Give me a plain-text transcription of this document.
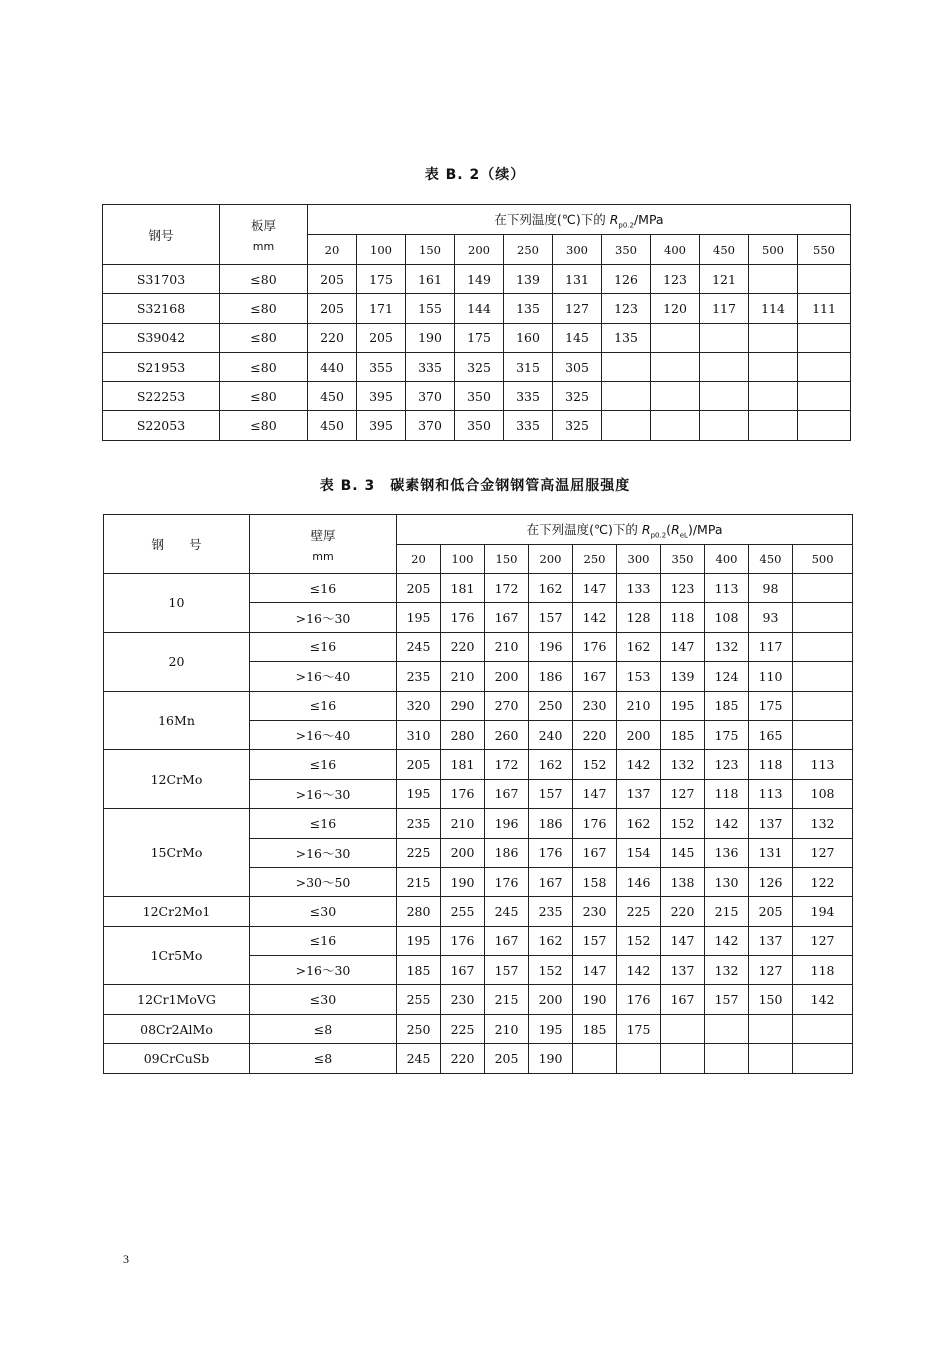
表 B. 2（续）
钢号	板厚
mm	在下列温度(℃)下的 $R_{p0.2}$/MPa										
		20	100	150	200	250	300	350	400	450	500	550
S31703	≤80	205	175	161	149	139	131	126	123	121		
S32168	≤80	205	171	155	144	135	127	123	120	117	114	111
S39042	≤80	220	205	190	175	160	145	135				
S21953	≤80	440	355	335	325	315	305					
S22253	≤80	450	395	370	350	335	325					
S22053	≤80	450	395	370	350	335	325					
表 B. 3　碳素钢和低合金钢钢管高温屈服强度
钢　　号	壁厚
mm	在下列温度(℃)下的 $R_{p0.2}(R_{eL})$/MPa									
		20	100	150	200	250	300	350	400	450	500
10	≤16	205	181	172	162	147	133	123	113	98	
	>16～30	195	176	167	157	142	128	118	108	93	
20	≤16	245	220	210	196	176	162	147	132	117	
	>16～40	235	210	200	186	167	153	139	124	110	
16Mn	≤16	320	290	270	250	230	210	195	185	175	
	>16～40	310	280	260	240	220	200	185	175	165	
12CrMo	≤16	205	181	172	162	152	142	132	123	118	113
	>16～30	195	176	167	157	147	137	127	118	113	108
15CrMo	≤16	235	210	196	186	176	162	152	142	137	132
	>16～30	225	200	186	176	167	154	145	136	131	127
	>30～50	215	190	176	167	158	146	138	130	126	122
12Cr2Mo1	≤30	280	255	245	235	230	225	220	215	205	194
1Cr5Mo	≤16	195	176	167	162	157	152	147	142	137	127
	>16～30	185	167	157	152	147	142	137	132	127	118
12Cr1MoVG	≤30	255	230	215	200	190	176	167	157	150	142
08Cr2AlMo	≤8	250	225	210	195	185	175				
09CrCuSb	≤8	245	220	205	190						
3
